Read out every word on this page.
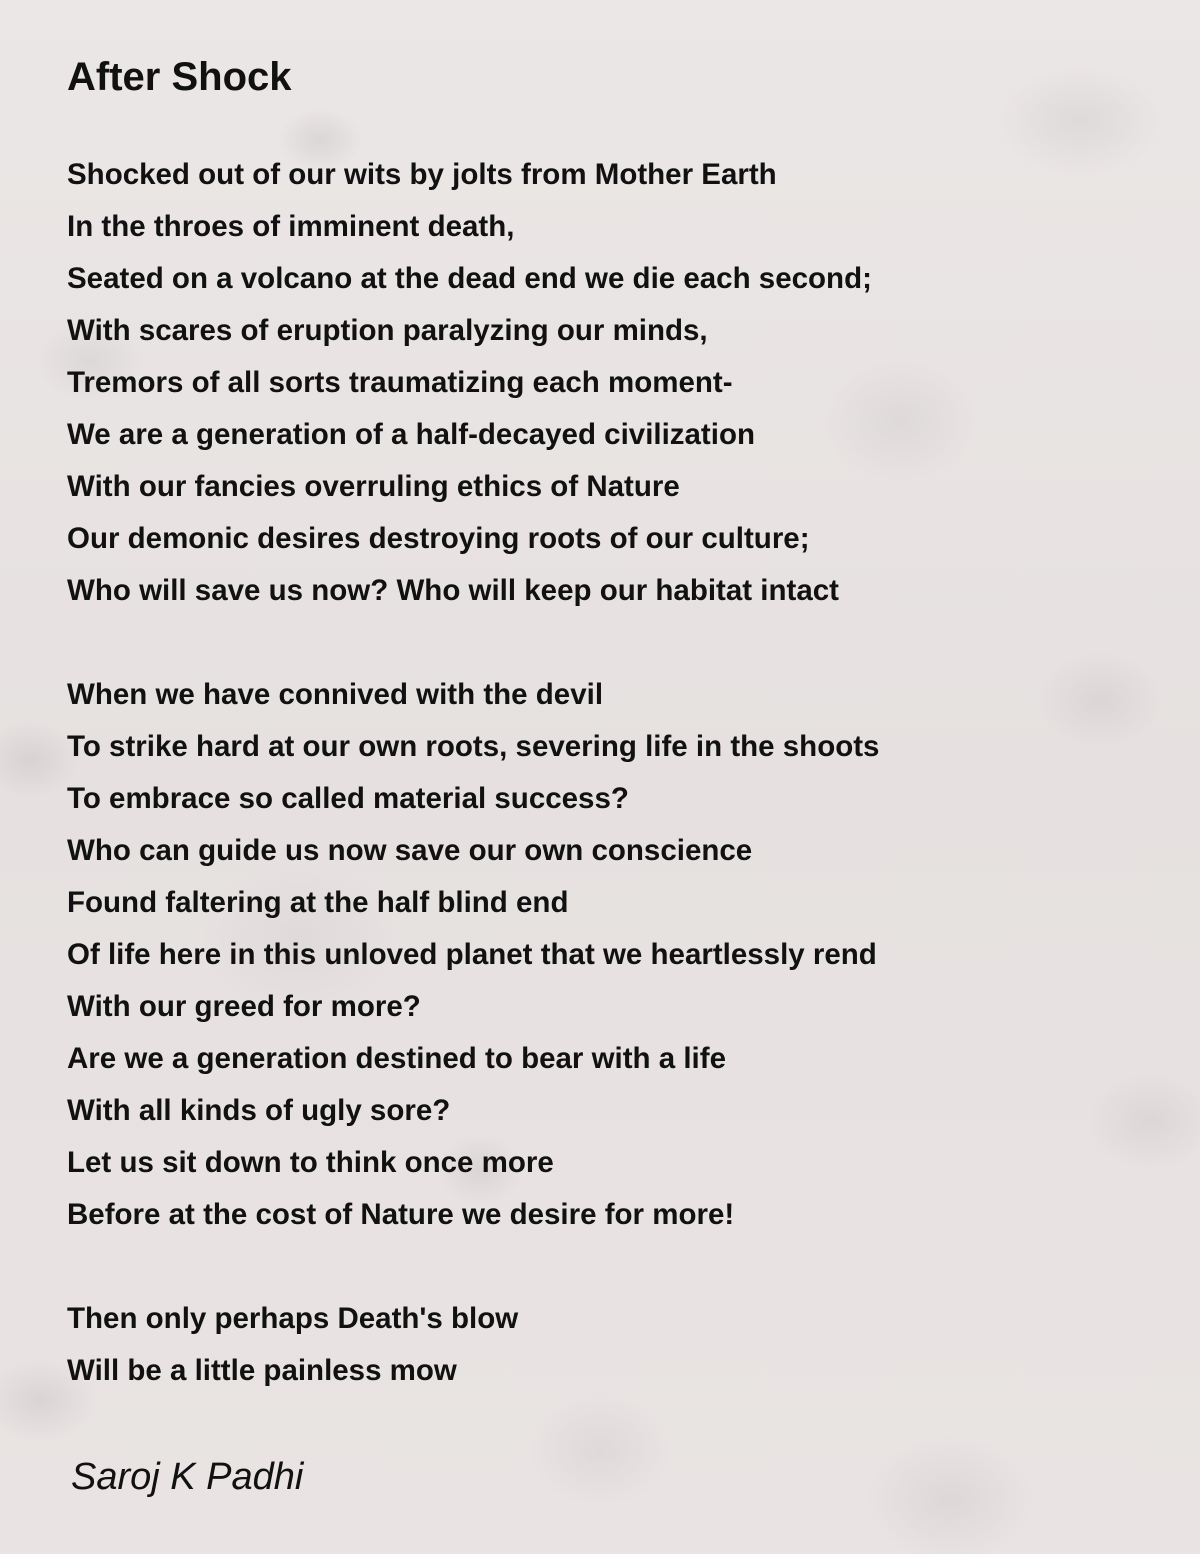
After Shock
Shocked out of our wits by jolts from Mother Earth
In the throes of imminent death,
Seated on a volcano at the dead end we die each second;
With scares of eruption paralyzing our minds,
Tremors of all sorts traumatizing each moment-
We are a generation of a half-decayed civilization
With our fancies overruling ethics of Nature
Our demonic desires destroying roots of our culture;
Who will save us now? Who will keep our habitat intact
When we have connived with the devil
To strike hard at our own roots, severing life in the shoots
To embrace so called material success?
Who can guide us now save our own conscience
Found faltering at the half blind end
Of life here in this unloved planet that we heartlessly rend
With our greed for more?
Are we a generation destined to bear with a life
With all kinds of ugly sore?
Let us sit down to think once more
Before at the cost of Nature we desire for more!
Then only perhaps Death's blow
Will be a little painless mow

Saroj K Padhi
